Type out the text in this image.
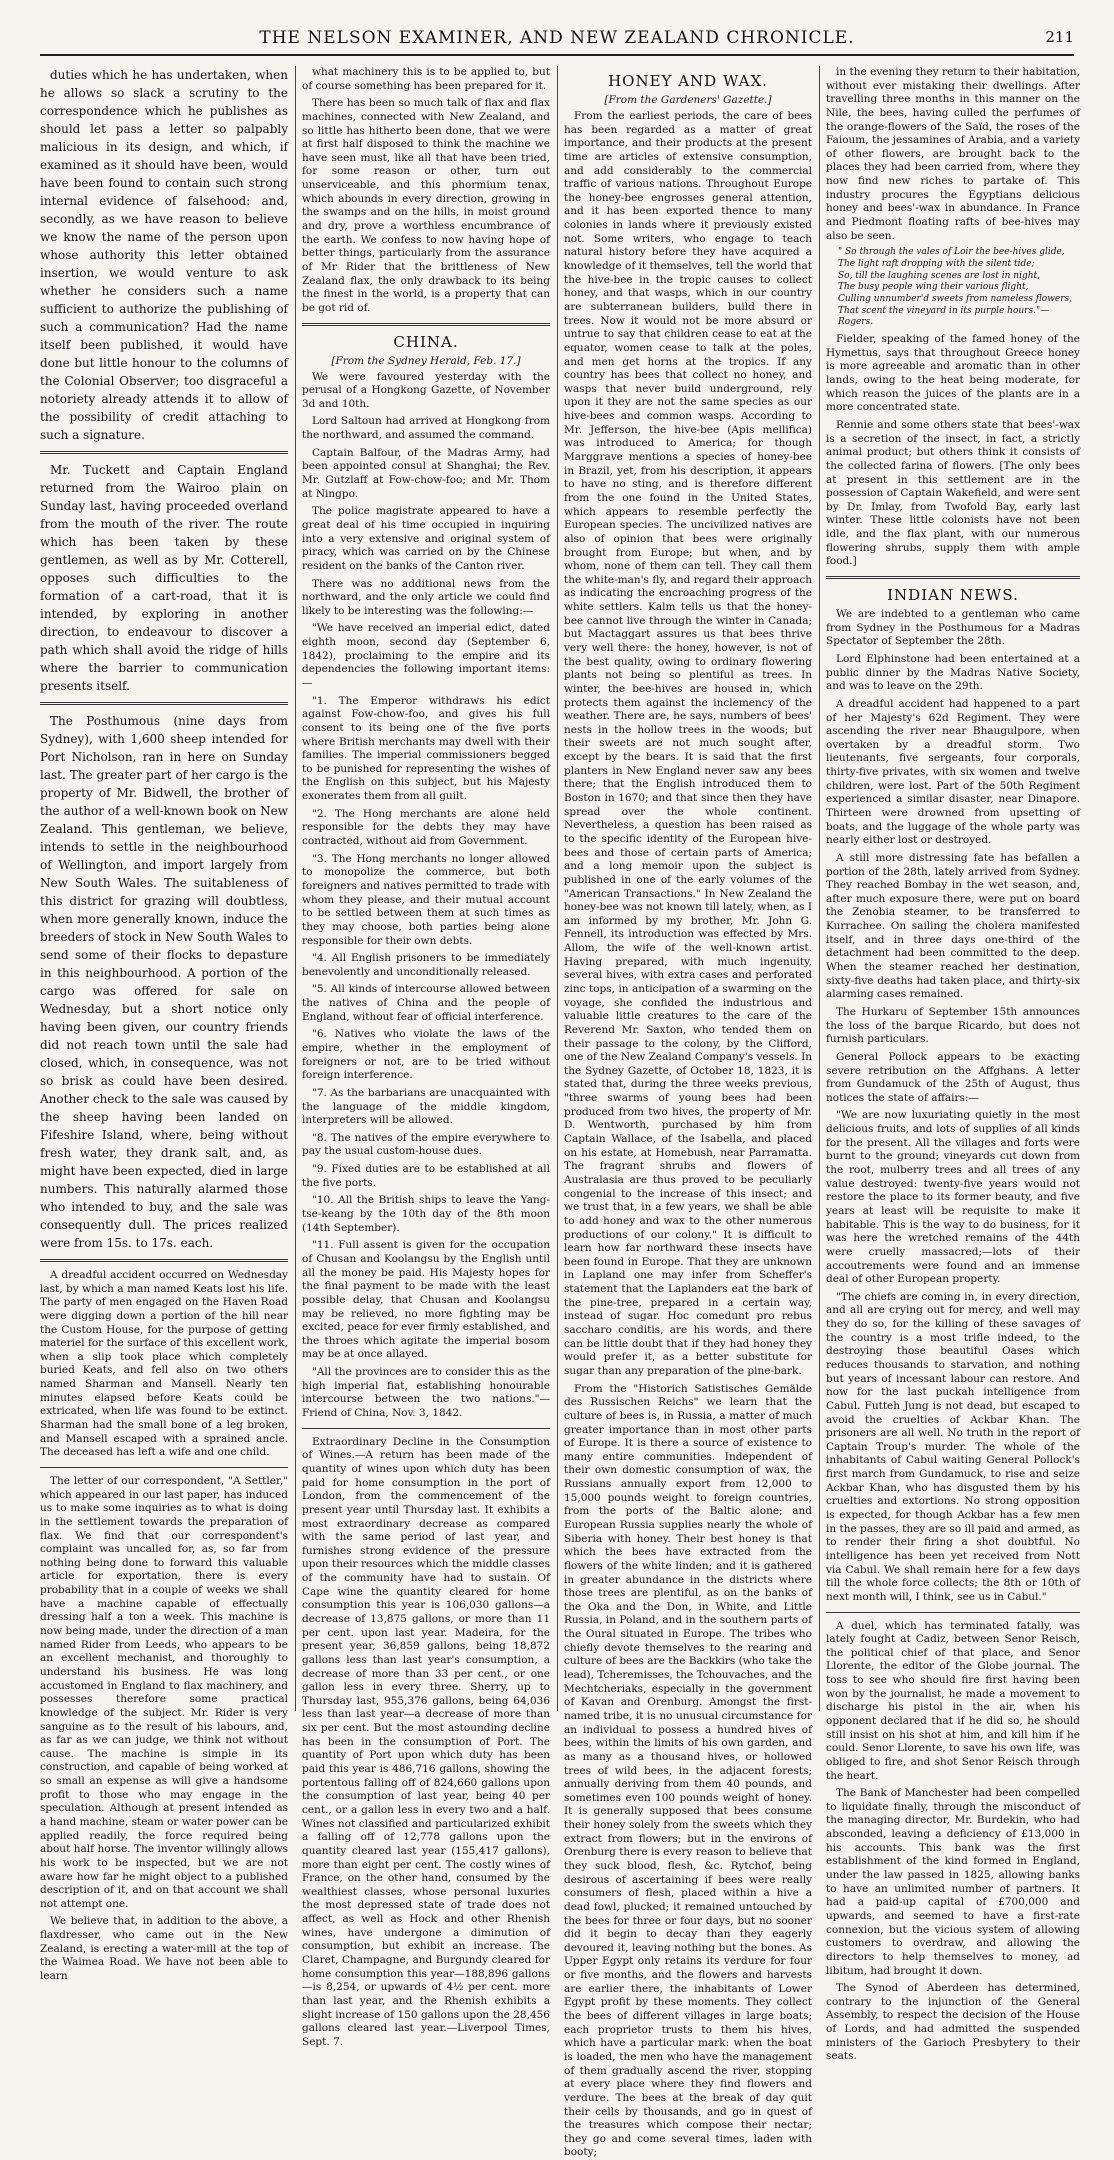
THE NELSON EXAMINER, AND NEW ZEALAND CHRONICLE.	211

duties which he has undertaken, when he allows so slack a scrutiny to the correspondence which he publishes as should let pass a letter so palpably malicious in its design, and which, if examined as it should have been, would have been found to contain such strong internal evidence of falsehood: and, secondly, as we have reason to believe we know the name of the person upon whose authority this letter obtained insertion, we would venture to ask whether he considers such a name sufficient to authorize the publishing of such a communication? Had the name itself been published, it would have done but little honour to the columns of the Colonial Observer; too disgraceful a notoriety already attends it to allow of the possibility of credit attaching to such a signature.

Mr. Tuckett and Captain England returned from the Wairoo plain on Sunday last, having proceeded overland from the mouth of the river. The route which has been taken by these gentlemen, as well as by Mr. Cotterell, opposes such difficulties to the formation of a cart-road, that it is intended, by exploring in another direction, to endeavour to discover a path which shall avoid the ridge of hills where the barrier to communication presents itself.

The Posthumous (nine days from Sydney), with 1,600 sheep intended for Port Nicholson, ran in here on Sunday last. The greater part of her cargo is the property of Mr. Bidwell, the brother of the author of a well-known book on New Zealand. This gentleman, we believe, intends to settle in the neighbourhood of Wellington, and import largely from New South Wales. The suitableness of this district for grazing will doubtless, when more generally known, induce the breeders of stock in New South Wales to send some of their flocks to depasture in this neighbourhood. A portion of the cargo was offered for sale on Wednesday, but a short notice only having been given, our country friends did not reach town until the sale had closed, which, in consequence, was not so brisk as could have been desired. Another check to the sale was caused by the sheep having been landed on Fifeshire Island, where, being without fresh water, they drank salt, and, as might have been expected, died in large numbers. This naturally alarmed those who intended to buy, and the sale was consequently dull. The prices realized were from 15s. to 17s. each.

A dreadful accident occurred on Wednesday last, by which a man named Keats lost his life. The party of men engaged on the Haven Road were digging down a portion of the hill near the Custom House, for the purpose of getting materiel for the surface of this excellent work, when a slip took place which completely buried Keats, and fell also on two others named Sharman and Mansell. Nearly ten minutes elapsed before Keats could be extricated, when life was found to be extinct. Sharman had the small bone of a leg broken, and Mansell escaped with a sprained ancle. The deceased has left a wife and one child.

The letter of our correspondent, "A Settler," which appeared in our last paper, has induced us to make some inquiries as to what is doing in the settlement towards the preparation of flax. We find that our correspondent's complaint was uncalled for, as, so far from nothing being done to forward this valuable article for exportation, there is every probability that in a couple of weeks we shall have a machine capable of effectually dressing half a ton a week. This machine is now being made, under the direction of a man named Rider from Leeds, who appears to be an excellent mechanist, and thoroughly to understand his business. He was long accustomed in England to flax machinery, and possesses therefore some practical knowledge of the subject. Mr. Rider is very sanguine as to the result of his labours, and, as far as we can judge, we think not without cause. The machine is simple in its construction, and capable of being worked at so small an expense as will give a handsome profit to those who may engage in the speculation. Although at present intended as a hand machine, steam or water power can be applied readily, the force required being about half horse. The inventor willingly allows his work to be inspected, but we are not aware how far he might object to a published description of it, and on that account we shall not attempt one.

We believe that, in addition to the above, a flaxdresser, who came out in the New Zealand, is erecting a water-mill at the top of the Waimea Road. We have not been able to learn

what machinery this is to be applied to, but of course something has been prepared for it.

There has been so much talk of flax and flax machines, connected with New Zealand, and so little has hitherto been done, that we were at first half disposed to think the machine we have seen must, like all that have been tried, for some reason or other, turn out unserviceable, and this phormium tenax, which abounds in every direction, growing in the swamps and on the hills, in moist ground and dry, prove a worthless encumbrance of the earth. We confess to now having hope of better things, particularly from the assurance of Mr Rider that the brittleness of New Zealand flax, the only drawback to its being the finest in the world, is a property that can be got rid of.

CHINA.
[From the Sydney Herald, Feb. 17.]

We were favoured yesterday with the perusal of a Hongkong Gazette, of November 3d and 10th.

Lord Saltoun had arrived at Hongkong from the northward, and assumed the command.

Captain Balfour, of the Madras Army, had been appointed consul at Shanghai; the Rev. Mr. Gutzlaff at Fow-chow-foo; and Mr. Thom at Ningpo.

The police magistrate appeared to have a great deal of his time occupied in inquiring into a very extensive and original system of piracy, which was carried on by the Chinese resident on the banks of the Canton river.

There was no additional news from the northward, and the only article we could find likely to be interesting was the following:—

"We have received an imperial edict, dated eighth moon, second day (September 6, 1842), proclaiming to the empire and its dependencies the following important items:—

"1. The Emperor withdraws his edict against Fow-chow-foo, and gives his full consent to its being one of the five ports where British merchants may dwell with their families. The imperial commissioners begged to be punished for representing the wishes of the English on this subject, but his Majesty exonerates them from all guilt.

"2. The Hong merchants are alone held responsible for the debts they may have contracted, without aid from Government.

"3. The Hong merchants no longer allowed to monopolize the commerce, but both foreigners and natives permitted to trade with whom they please, and their mutual account to be settled between them at such times as they may choose, both parties being alone responsible for their own debts.

"4. All English prisoners to be immediately benevolently and unconditionally released.

"5. All kinds of intercourse allowed between the natives of China and the people of England, without fear of official interference.

"6. Natives who violate the laws of the empire, whether in the employment of foreigners or not, are to be tried without foreign interference.

"7. As the barbarians are unacquainted with the language of the middle kingdom, interpreters will be allowed.

"8. The natives of the empire everywhere to pay the usual custom-house dues.

"9. Fixed duties are to be established at all the five ports.

"10. All the British ships to leave the Yang-tse-keang by the 10th day of the 8th moon (14th September).

"11. Full assent is given for the occupation of Chusan and Koolangsu by the English until all the money be paid. His Majesty hopes for the final payment to be made with the least possible delay, that Chusan and Koolangsu may be relieved, no more fighting may be excited, peace for ever firmly established, and the throes which agitate the imperial bosom may be at once allayed.

"All the provinces are to consider this as the high imperial fiat, establishing honourable intercourse between the two nations."—Friend of China, Nov. 3, 1842.

Extraordinary Decline in the Consumption of Wines.—A return has been made of the quantity of wines upon which duty has been paid for home consumption in the port of London, from the commencement of the present year until Thursday last. It exhibits a most extraordinary decrease as compared with the same period of last year, and furnishes strong evidence of the pressure upon their resources which the middle classes of the community have had to sustain. Of Cape wine the quantity cleared for home consumption this year is 106,030 gallons—a decrease of 13,875 gallons, or more than 11 per cent. upon last year. Madeira, for the present year, 36,859 gallons, being 18,872 gallons less than last year's consumption, a decrease of more than 33 per cent., or one gallon less in every three. Sherry, up to Thursday last, 955,376 gallons, being 64,036 less than last year—a decrease of more than six per cent. But the most astounding decline has been in the consumption of Port. The quantity of Port upon which duty has been paid this year is 486,716 gallons, showing the portentous falling off of 824,660 gallons upon the consumption of last year, being 40 per cent., or a gallon less in every two and a half. Wines not classified and particularized exhibit a falling off of 12,778 gallons upon the quantity cleared last year (155,417 gallons), more than eight per cent. The costly wines of France, on the other hand, consumed by the wealthiest classes, whose personal luxuries the most depressed state of trade does not affect, as well as Hock and other Rhenish wines, have undergone a diminution of consumption, but exhibit an increase. The Claret, Champagne, and Burgundy cleared for home consumption this year—188,896 gallons—is 8,254, or upwards of 4½ per cent. more than last year, and the Rhenish exhibits a slight increase of 150 gallons upon the 28,456 gallons cleared last year.—Liverpool Times, Sept. 7.

HONEY AND WAX.
[From the Gardeners' Gazette.]

From the earliest periods, the care of bees has been regarded as a matter of great importance, and their products at the present time are articles of extensive consumption, and add considerably to the commercial traffic of various nations. Throughout Europe the honey-bee engrosses general attention, and it has been exported thence to many colonies in lands where it previously existed not. Some writers, who engage to teach natural history before they have acquired a knowledge of it themselves, tell the world that the hive-bee in the tropic causes to collect honey, and that wasps, which in our country are subterranean builders, build there in trees. Now it would not be more absurd or untrue to say that children cease to eat at the equator, women cease to talk at the poles, and men get horns at the tropics. If any country has bees that collect no honey, and wasps that never build underground, rely upon it they are not the same species as our hive-bees and common wasps. According to Mr. Jefferson, the hive-bee (Apis mellifica) was introduced to America; for though Marggrave mentions a species of honey-bee in Brazil, yet, from his description, it appears to have no sting, and is therefore different from the one found in the United States, which appears to resemble perfectly the European species. The uncivilized natives are also of opinion that bees were originally brought from Europe; but when, and by whom, none of them can tell. They call them the white-man's fly, and regard their approach as indicating the encroaching progress of the white settlers. Kalm tells us that the honey-bee cannot live through the winter in Canada; but Mactaggart assures us that bees thrive very well there: the honey, however, is not of the best quality, owing to ordinary flowering plants not being so plentiful as trees. In winter, the bee-hives are housed in, which protects them against the inclemency of the weather. There are, he says, numbers of bees' nests in the hollow trees in the woods; but their sweets are not much sought after, except by the bears. It is said that the first planters in New England never saw any bees there; that the English introduced them to Boston in 1670; and that since then they have spread over the whole continent. Nevertheless, a question has been raised as to the specific identity of the European hive-bees and those of certain parts of America; and a long memoir upon the subject is published in one of the early volumes of the "American Transactions." In New Zealand the honey-bee was not known till lately, when, as I am informed by my brother, Mr. John G. Fennell, its introduction was effected by Mrs. Allom, the wife of the well-known artist. Having prepared, with much ingenuity, several hives, with extra cases and perforated zinc tops, in anticipation of a swarming on the voyage, she confided the industrious and valuable little creatures to the care of the Reverend Mr. Saxton, who tended them on their passage to the colony, by the Clifford, one of the New Zealand Company's vessels. In the Sydney Gazette, of October 18, 1823, it is stated that, during the three weeks previous, "three swarms of young bees had been produced from two hives, the property of Mr. D. Wentworth, purchased by him from Captain Wallace, of the Isabella, and placed on his estate, at Homebush, near Parramatta. The fragrant shrubs and flowers of Australasia are thus proved to be peculiarly congenial to the increase of this insect; and we trust that, in a few years, we shall be able to add honey and wax to the other numerous productions of our colony." It is difficult to learn how far northward these insects have been found in Europe. That they are unknown in Lapland one may infer from Scheffer's statement that the Laplanders eat the bark of the pine-tree, prepared in a certain way, instead of sugar. Hoc comedunt pro rebus saccharo conditis, are his words, and there can be little doubt that if they had honey they would prefer it, as a better substitute for sugar than any preparation of the pine-bark.

From the "Historich Satistisches Gemälde des Russischen Reichs" we learn that the culture of bees is, in Russia, a matter of much greater importance than in most other parts of Europe. It is there a source of existence to many entire communities. Independent of their own domestic consumption of wax, the Russians annually export from 12,000 to 15,000 pounds weight to foreign countries, from the ports of the Baltic alone; and European Russia supplies nearly the whole of Siberia with honey. Their best honey is that which the bees have extracted from the flowers of the white linden; and it is gathered in greater abundance in the districts where those trees are plentiful, as on the banks of the Oka and the Don, in White, and Little Russia, in Poland, and in the southern parts of the Oural situated in Europe. The tribes who chiefly devote themselves to the rearing and culture of bees are the Backkirs (who take the lead), Tcheremisses, the Tchouvaches, and the Mechtcheriaks, especially in the government of Kavan and Orenburg. Amongst the first-named tribe, it is no unusual circumstance for an individual to possess a hundred hives of bees, within the limits of his own garden, and as many as a thousand hives, or hollowed trees of wild bees, in the adjacent forests; annually deriving from them 40 pounds, and sometimes even 100 pounds weight of honey. It is generally supposed that bees consume their honey solely from the sweets which they extract from flowers; but in the environs of Orenburg there is every reason to believe that they suck blood, flesh, &c. Rytchof, being desirous of ascertaining if bees were really consumers of flesh, placed within a hive a dead fowl, plucked; it remained untouched by the bees for three or four days, but no sooner did it begin to decay than they eagerly devoured it, leaving nothing but the bones. As Upper Egypt only retains its verdure for four or five months, and the flowers and harvests are earlier there, the inhabitants of Lower Egypt profit by these moments. They collect the bees of different villages in large boats; each proprietor trusts to them his hives, which have a particular mark: when the boat is loaded, the men who have the management of them gradually ascend the river, stopping at every place where they find flowers and verdure. The bees at the break of day quit their cells by thousands, and go in quest of the treasures which compose their nectar; they go and come several times, laden with booty;

in the evening they return to their habitation, without ever mistaking their dwellings. After travelling three months in this manner on the Nile, the bees, having culled the perfumes of the orange-flowers of the Saïd, the roses of the Faioum, the jessamines of Arabia, and a variety of other flowers, are brought back to the places they had been carried from, where they now find new riches to partake of. This industry procures the Egyptians delicious honey and bees'-wax in abundance. In France and Piedmont floating rafts of bee-hives may also be seen.

" So through the vales of Loir the bee-hives glide,
The light raft dropping with the silent tide;
So, till the laughing scenes are lost in night,
The busy people wing their various flight,
Culling unnumber'd sweets from nameless flowers,
That scent the vineyard in its purple hours."—Rogers.

Fielder, speaking of the famed honey of the Hymettus, says that throughout Greece honey is more agreeable and aromatic than in other lands, owing to the heat being moderate, for which reason the juices of the plants are in a more concentrated state.

Rennie and some others state that bees'-wax is a secretion of the insect, in fact, a strictly animal product; but others think it consists of the collected farina of flowers. [The only bees at present in this settlement are in the possession of Captain Wakefield, and were sent by Dr. Imlay, from Twofold Bay, early last winter. These little colonists have not been idle, and the flax plant, with our numerous flowering shrubs, supply them with ample food.]

INDIAN NEWS.

We are indebted to a gentleman who came from Sydney in the Posthumous for a Madras Spectator of September the 28th.

Lord Elphinstone had been entertained at a public dinner by the Madras Native Society, and was to leave on the 29th.

A dreadful accident had happened to a part of her Majesty's 62d Regiment. They were ascending the river near Bhaugulpore, when overtaken by a dreadful storm. Two lieutenants, five sergeants, four corporals, thirty-five privates, with six women and twelve children, were lost. Part of the 50th Regiment experienced a similar disaster, near Dinapore. Thirteen were drowned from upsetting of boats, and the luggage of the whole party was nearly either lost or destroyed.

A still more distressing fate has befallen a portion of the 28th, lately arrived from Sydney. They reached Bombay in the wet season, and, after much exposure there, were put on board the Zenobia steamer, to be transferred to Kurrachee. On sailing the cholera manifested itself, and in three days one-third of the detachment had been committed to the deep. When the steamer reached her destination, sixty-five deaths had taken place, and thirty-six alarming cases remained.

The Hurkaru of September 15th announces the loss of the barque Ricardo, but does not furnish particulars.

General Pollock appears to be exacting severe retribution on the Affghans. A letter from Gundamuck of the 25th of August, thus notices the state of affairs:—

"We are now luxuriating quietly in the most delicious fruits, and lots of supplies of all kinds for the present. All the villages and forts were burnt to the ground; vineyards cut down from the root, mulberry trees and all trees of any value destroyed: twenty-five years would not restore the place to its former beauty, and five years at least will be requisite to make it habitable. This is the way to do business, for it was here the wretched remains of the 44th were cruelly massacred;—lots of their accoutrements were found and an immense deal of other European property.

"The chiefs are coming in, in every direction, and all are crying out for mercy, and well may they do so, for the killing of these savages of the country is a most trifle indeed, to the destroying those beautiful Oases which reduces thousands to starvation, and nothing but years of incessant labour can restore. And now for the last puckah intelligence from Cabul. Futteh Jung is not dead, but escaped to avoid the cruelties of Ackbar Khan. The prisoners are all well. No truth in the report of Captain Troup's murder. The whole of the inhabitants of Cabul waiting General Pollock's first march from Gundamuck, to rise and seize Ackbar Khan, who has disgusted them by his cruelties and extortions. No strong opposition is expected, for though Ackbar has a few men in the passes, they are so ill paid and armed, as to render their firing a shot doubtful. No intelligence has been yet received from Nott via Cabul. We shall remain here for a few days till the whole force collects; the 8th or 10th of next month will, I think, see us in Cabul."

A duel, which has terminated fatally, was lately fought at Cadiz, between Senor Reisch, the political chief of that place, and Senor Llorente, the editor of the Globe journal. The toss to see who should fire first having been won by the journalist, he made a movement to discharge his pistol in the air, when his opponent declared that if he did so, he should still insist on his shot at him, and kill him if he could. Senor Llorente, to save his own life, was obliged to fire, and shot Senor Reisch through the heart.

The Bank of Manchester had been compelled to liquidate finally, through the misconduct of the managing director, Mr. Burdekin, who had absconded, leaving a deficiency of £13,000 in his accounts. This bank was the first establishment of the kind formed in England, under the law passed in 1825, allowing banks to have an unlimited number of partners. It had a paid-up capital of £700,000 and upwards, and seemed to have a first-rate connexion, but the vicious system of allowing customers to overdraw, and allowing the directors to help themselves to money, ad libitum, had brought it down.

The Synod of Aberdeen has determined, contrary to the injunction of the General Assembly, to respect the decision of the House of Lords, and had admitted the suspended ministers of the Garioch Presbytery to their seats.
